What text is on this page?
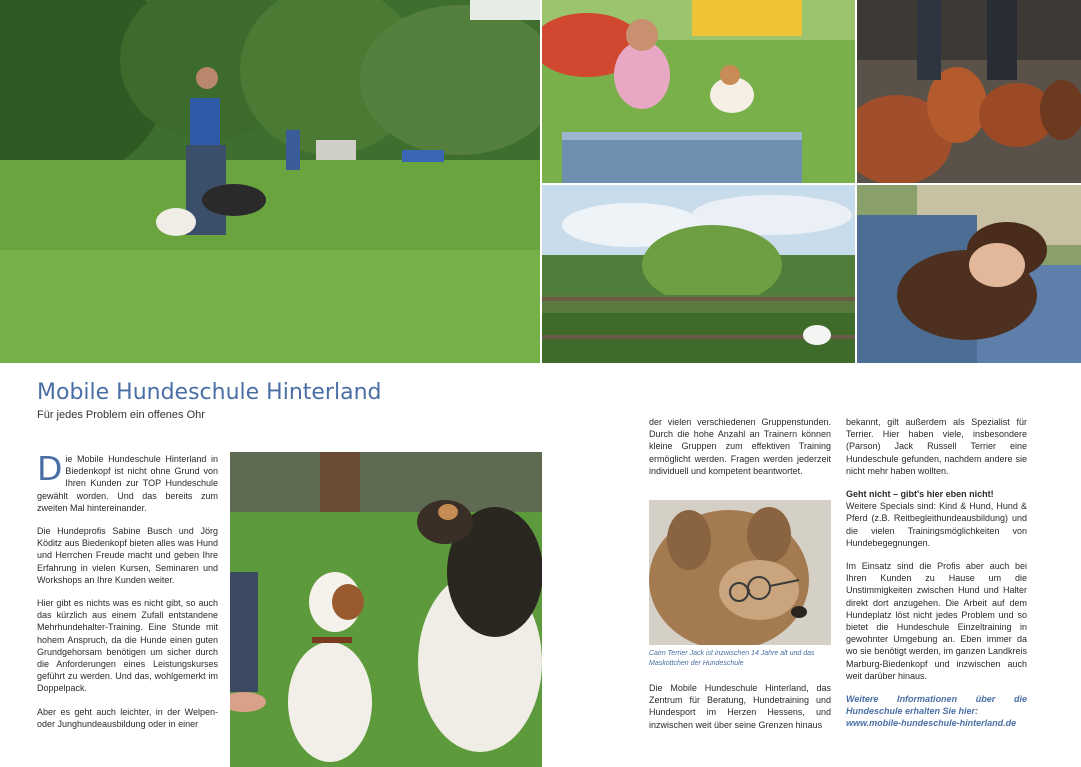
Mobile Hundeschule Hinterland
Für jedes Problem ein offenes Ohr

Die Mobile Hundeschule Hinterland in Biedenkopf ist nicht ohne Grund von Ihren Kunden zur TOP Hundeschule gewählt worden. Und das bereits zum zweiten Mal hintereinander.

Die Hundeprofis Sabine Busch und Jörg Köditz aus Biedenkopf bieten alles was Hund und Herrchen Freude macht und geben Ihre Erfahrung in vielen Kursen, Seminaren und Workshops an Ihre Kunden weiter.

Hier gibt es nichts was es nicht gibt, so auch das kürzlich aus einem Zufall entstandene Mehrhundehalter-Training. Eine Stunde mit hohem Anspruch, da die Hunde einen guten Grundgehorsam benötigen um sicher durch die Anforderungen eines Leistungskurses geführt zu werden. Und das, wohlgemerkt im Doppelpack.

Aber es geht auch leichter, in der Welpen- oder Junghundeausbildung oder in einer

der vielen verschiedenen Gruppenstunden. Durch die hohe Anzahl an Trainern können kleine Gruppen zum effektiven Training ermöglicht werden. Fragen werden jederzeit individuell und kompetent beantwortet.

Cairn Terrier Jack ist inzwischen 14 Jahre alt und das Maskottchen der Hundeschule

Die Mobile Hundeschule Hinterland, das Zentrum für Beratung, Hundetraining und Hundesport im Herzen Hessens, und inzwischen weit über seine Grenzen hinaus

bekannt, gilt außerdem als Spezialist für Terrier. Hier haben viele, insbesondere (Parson) Jack Russell Terrier eine Hundeschule gefunden, nachdem andere sie nicht mehr haben wollten.

Geht nicht – gibt's hier eben nicht!

Weitere Specials sind: Kind & Hund, Hund & Pferd (z.B. Reitbegleithundeausbildung) und die vielen Trainingsmöglichkeiten von Hundebegegnungen.

Im Einsatz sind die Profis aber auch bei Ihren Kunden zu Hause um die Unstimmigkeiten zwischen Hund und Halter direkt dort anzugehen. Die Arbeit auf dem Hundeplatz löst nicht jedes Problem und so bietet die Hundeschule Einzeltraining in gewohnter Umgebung an. Eben immer da wo sie benötigt werden, im ganzen Landkreis Marburg-Biedenkopf und inzwischen auch weit darüber hinaus.

Weitere Informationen über die Hundeschule erhalten Sie hier:
www.mobile-hundeschule-hinterland.de
